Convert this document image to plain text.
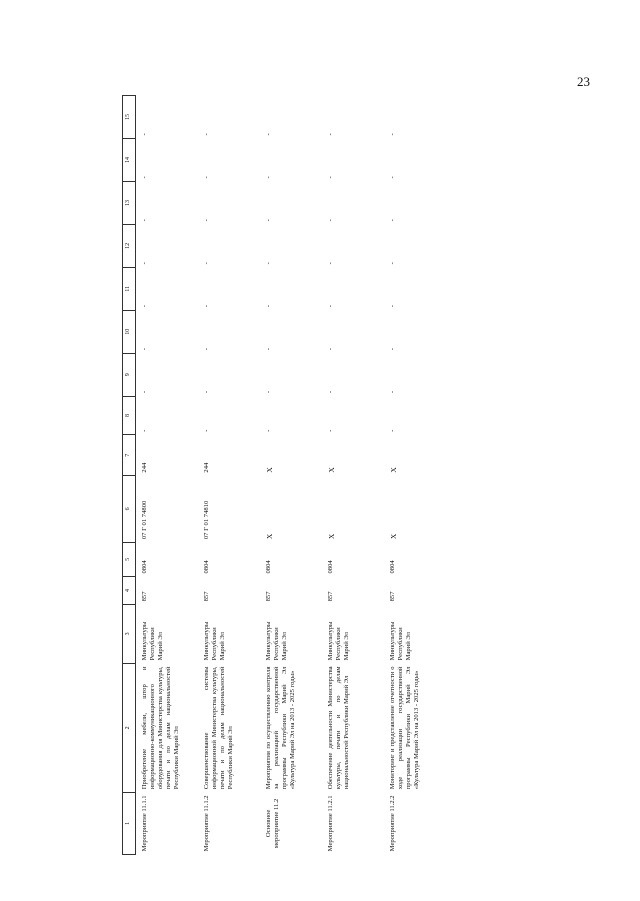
23
1	2	3	4	5	6	7	8	9	10	11	12	13	14	15
Мероприятие 11.1.1	Приобретение мебели, штор и информационно-коммуникационного оборудования для Министерства культуры, печати и по делам национальностей Республики Марий Эл	Минкультуры Республики Марий Эл	857	0804	07 Г 01 74800	244	-	-	-	-	-	-	-	-
Мероприятие 11.1.2	Совершенствование системы информационной Министерства культуры, печати и по делам национальностей Республики Марий Эл	Минкультуры Республики Марий Эл	857	0804	07 Г 01 74810	244	-	-	-	-	-	-	-	-
Основное мероприятие 11.2	Мероприятия по осуществлению контроля за реализацией государственной программы Республики Марий Эл «Культура Марий Эл на 2013 - 2025 годы»	Минкультуры Республики Марий Эл	857	0804	Х	Х	-	-	-	-	-	-	-	-
Мероприятие 11.2.1	Обеспечение деятельности Министерства культуры, печати и по делам национальностей Республики Марий Эл	Минкультуры Республики Марий Эл	857	0804	Х	Х	-	-	-	-	-	-	-	-
Мероприятие 11.2.2	Мониторинг и представление отчетности о ходе реализации государственной программы Республики Марий Эл «Культура Марий Эл на 2013 - 2025 годы»	Минкультуры Республики Марий Эл	857	0804	Х	Х	-	-	-	-	-	-	-	-
